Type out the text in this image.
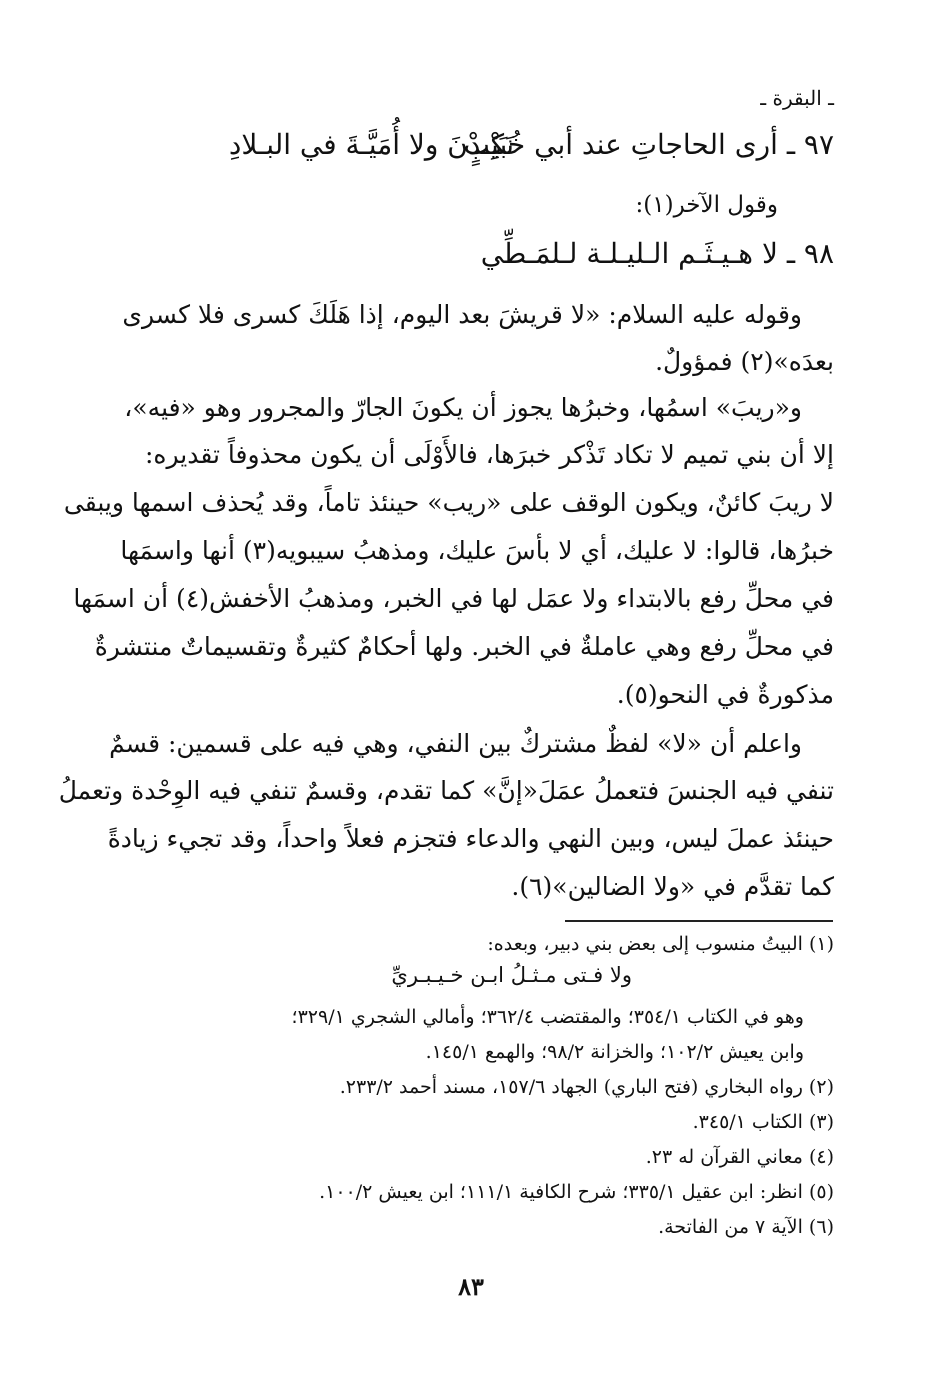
ـ البقرة ـ
٩٧ ـ أرى الحاجاتِ عند أبي خُبَيْبٍ
نَكِـدْنَ ولا أُمَيَّـةَ في البـلادِ
وقول الآخر(١):
٩٨ ـ لا هـيـثَـم الـليـلـة لـلمَـطِّي
وقوله عليه السلام: «لا قريشَ بعد اليوم، إذا هَلَكَ كسرى فلا كسرى
بعدَه»(٢) فمؤولٌ.
و«ريبَ» اسمُها، وخبرُها يجوز أن يكونَ الجارّ والمجرور وهو «فيه»،
إلا أن بني تميم لا تكاد تَذْكر خبرَها، فالأَوْلَى أن يكون محذوفاً تقديره:
لا ريبَ كائنٌ، ويكون الوقف على «ريب» حينئذ تاماً، وقد يُحذف اسمها ويبقى
خبرُها، قالوا: لا عليك، أي لا بأسَ عليك، ومذهبُ سيبويه(٣) أنها واسمَها
في محلِّ رفع بالابتداء ولا عمَل لها في الخبر، ومذهبُ الأخفش(٤) أن اسمَها
في محلِّ رفع وهي عاملةٌ في الخبر. ولها أحكامٌ كثيرةٌ وتقسيماتٌ منتشرةٌ
مذكورةٌ في النحو(٥).
واعلم أن «لا» لفظٌ مشتركٌ بين النفي، وهي فيه على قسمين: قسمٌ
تنفي فيه الجنسَ فتعملُ عمَلَ«إنَّ» كما تقدم، وقسمٌ تنفي فيه الوِحْدة وتعملُ
حينئذ عملَ ليس، وبين النهي والدعاء فتجزم فعلاً واحداً، وقد تجيء زيادةً
كما تقدَّم في «ولا الضالين»(٦).
(١) البيتُ منسوب إلى بعض بني دبير، وبعده:
ولا فـتى مـثـلُ ابـن خـيـبـريِّ
وهو في الكتاب ٣٥٤/١؛ والمقتضب ٣٦٢/٤؛ وأمالي الشجري ٣٢٩/١؛
وابن يعيش ١٠٢/٢؛ والخزانة ٩٨/٢؛ والهمع ١٤٥/١.
(٢) رواه البخاري (فتح الباري) الجهاد ١٥٧/٦، مسند أحمد ٢٣٣/٢.
(٣) الكتاب ٣٤٥/١.
(٤) معاني القرآن له ٢٣.
(٥) انظر: ابن عقيل ٣٣٥/١؛ شرح الكافية ١١١/١؛ ابن يعيش ١٠٠/٢.
(٦) الآية ٧ من الفاتحة.
٨٣
